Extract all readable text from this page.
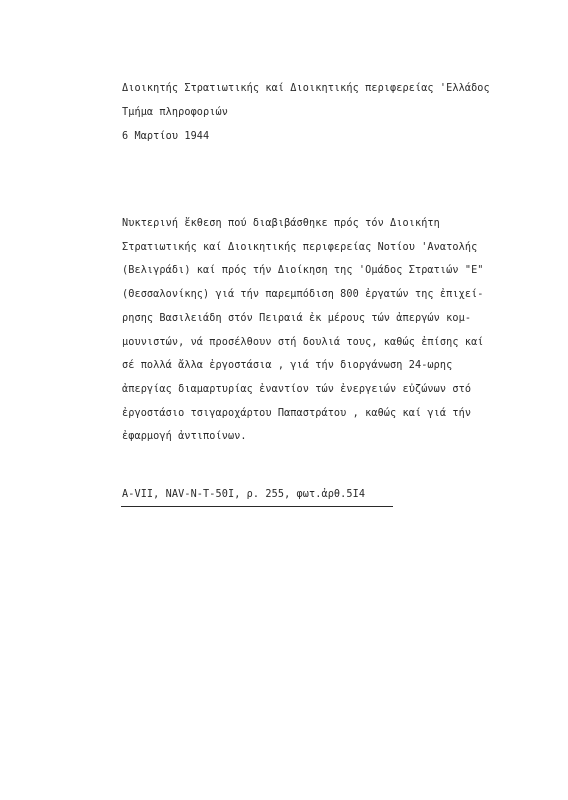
Διοικητής Στρατιωτικής καί Διοικητικής περιφερείας 'Ελλάδος
Τμήμα πληροφοριών
6 Μαρτίου 1944
Νυκτερινή ἔκθεση πού διαβιβάσθηκε πρός τόν Διοικήτη
Στρατιωτικής καί Διοικητικής περιφερείας Νοτίου 'Ανατολής
(Βελιγράδι) καί πρός τήν Διοίκηση της 'Ομάδος Στρατιών "Ε"
(Θεσσαλονίκης) γιά τήν παρεμπόδιση 800 ἐργατών της ἐπιχεί-
ρησης Βασιλειάδη στόν Πειραιά ἐκ μέρους τών ἀπεργών κομ-
μουνιστών, νά προσέλθουν στή δουλιά τους, καθώς ἐπίσης καί
σέ πολλά ἄλλα ἐργοστάσια , γιά τήν διοργάνωση 24-ωρης
ἀπεργίας διαμαρτυρίας ἐναντίον τών ἐνεργειών εὐζώνων στό
ἐργοστάσιο τσιγαροχάρτου Παπαστράτου , καθώς καί γιά τήν
ἐφαρμογή ἀντιποίνων.
A-VII, NAV-N-T-50I, ρ. 255, φωτ.ἀρθ.5I4
